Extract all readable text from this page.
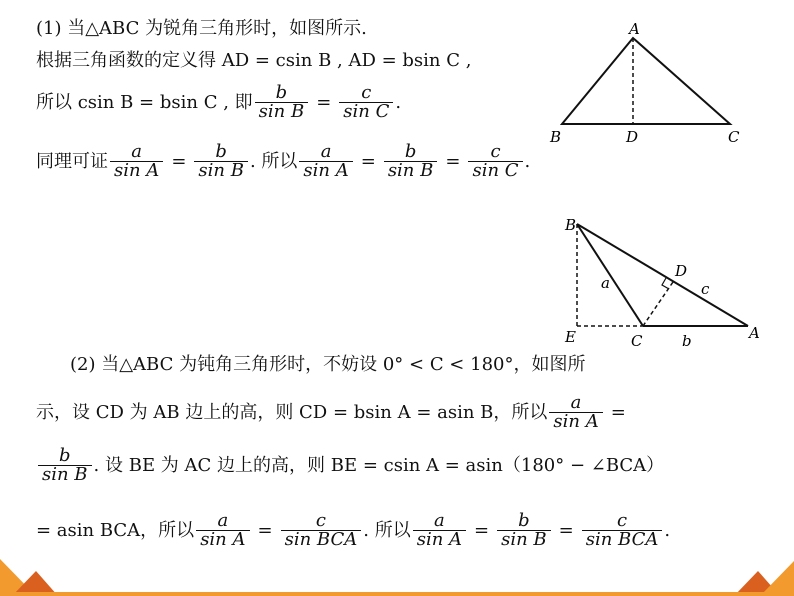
(1) 当△ABC 为锐角三角形时，如图所示.
根据三角函数的定义得 AD = csin B , AD = bsin C ,
所以 csin B = bsin C , 即 $\frac{b}{\text{sin B}} = \frac{c}{\text{sin C}}$ .
同理可证 $\frac{a}{\text{sin A}} = \frac{b}{\text{sin B}}$ . 所以 $\frac{a}{\text{sin A}} = \frac{b}{\text{sin B}} = \frac{c}{\text{sin C}}$ .
A
B	D	C
B
D
a	c
E	C	b	A
(2) 当△ABC 为钝角三角形时，不妨设 0° < C < 180°，如图所
示，设 CD 为 AB 边上的高，则 CD = bsin A = asin B，所以 $\frac{a}{\text{sin A}}$ =
$\frac{b}{\text{sin B}}$ . 设 BE 为 AC 边上的高，则 BE = csin A = asin（180° − ∠BCA）
= asin BCA，所以 $\frac{a}{\text{sin A}} = \frac{c}{\text{sin BCA}}$ . 所以 $\frac{a}{\text{sin A}} = \frac{b}{\text{sin B}} = \frac{c}{\text{sin BCA}}$ .
